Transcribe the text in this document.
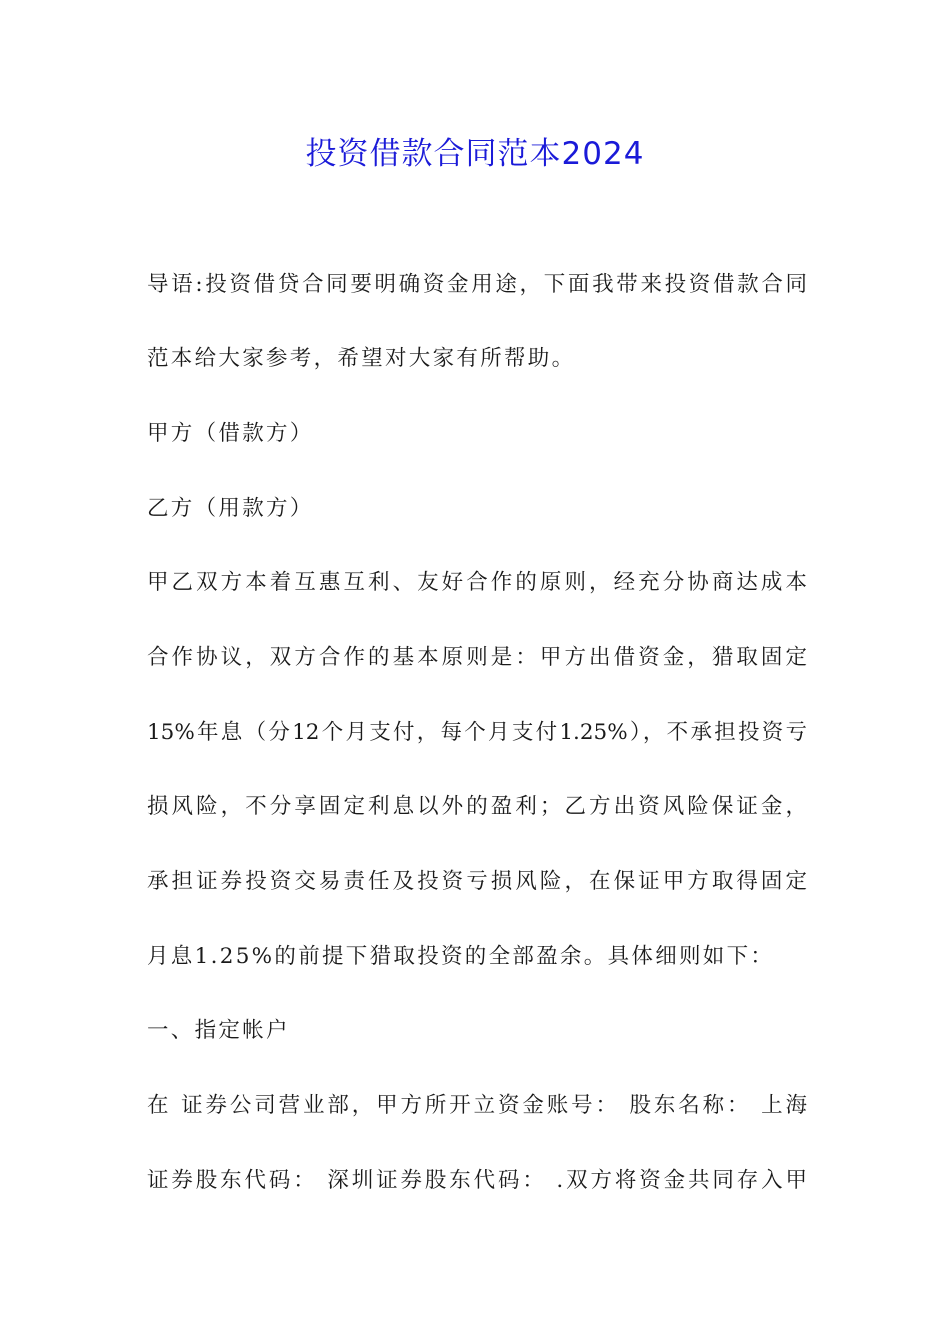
投资借款合同范本2024

导语:投资借贷合同要明确资金用途，下面我带来投资借款合同

范本给大家参考，希望对大家有所帮助。

甲方（借款方）

乙方（用款方）

甲乙双方本着互惠互利、友好合作的原则，经充分协商达成本

合作协议，双方合作的基本原则是：甲方出借资金，猎取固定

15%年息（分12个月支付，每个月支付1.25%），不承担投资亏

损风险，不分享固定利息以外的盈利；乙方出资风险保证金，

承担证券投资交易责任及投资亏损风险，在保证甲方取得固定

月息1.25%的前提下猎取投资的全部盈余。具体细则如下：

一、指定帐户

在 证券公司营业部，甲方所开立资金账号： 股东名称： 上海

证券股东代码： 深圳证券股东代码： .双方将资金共同存入甲
